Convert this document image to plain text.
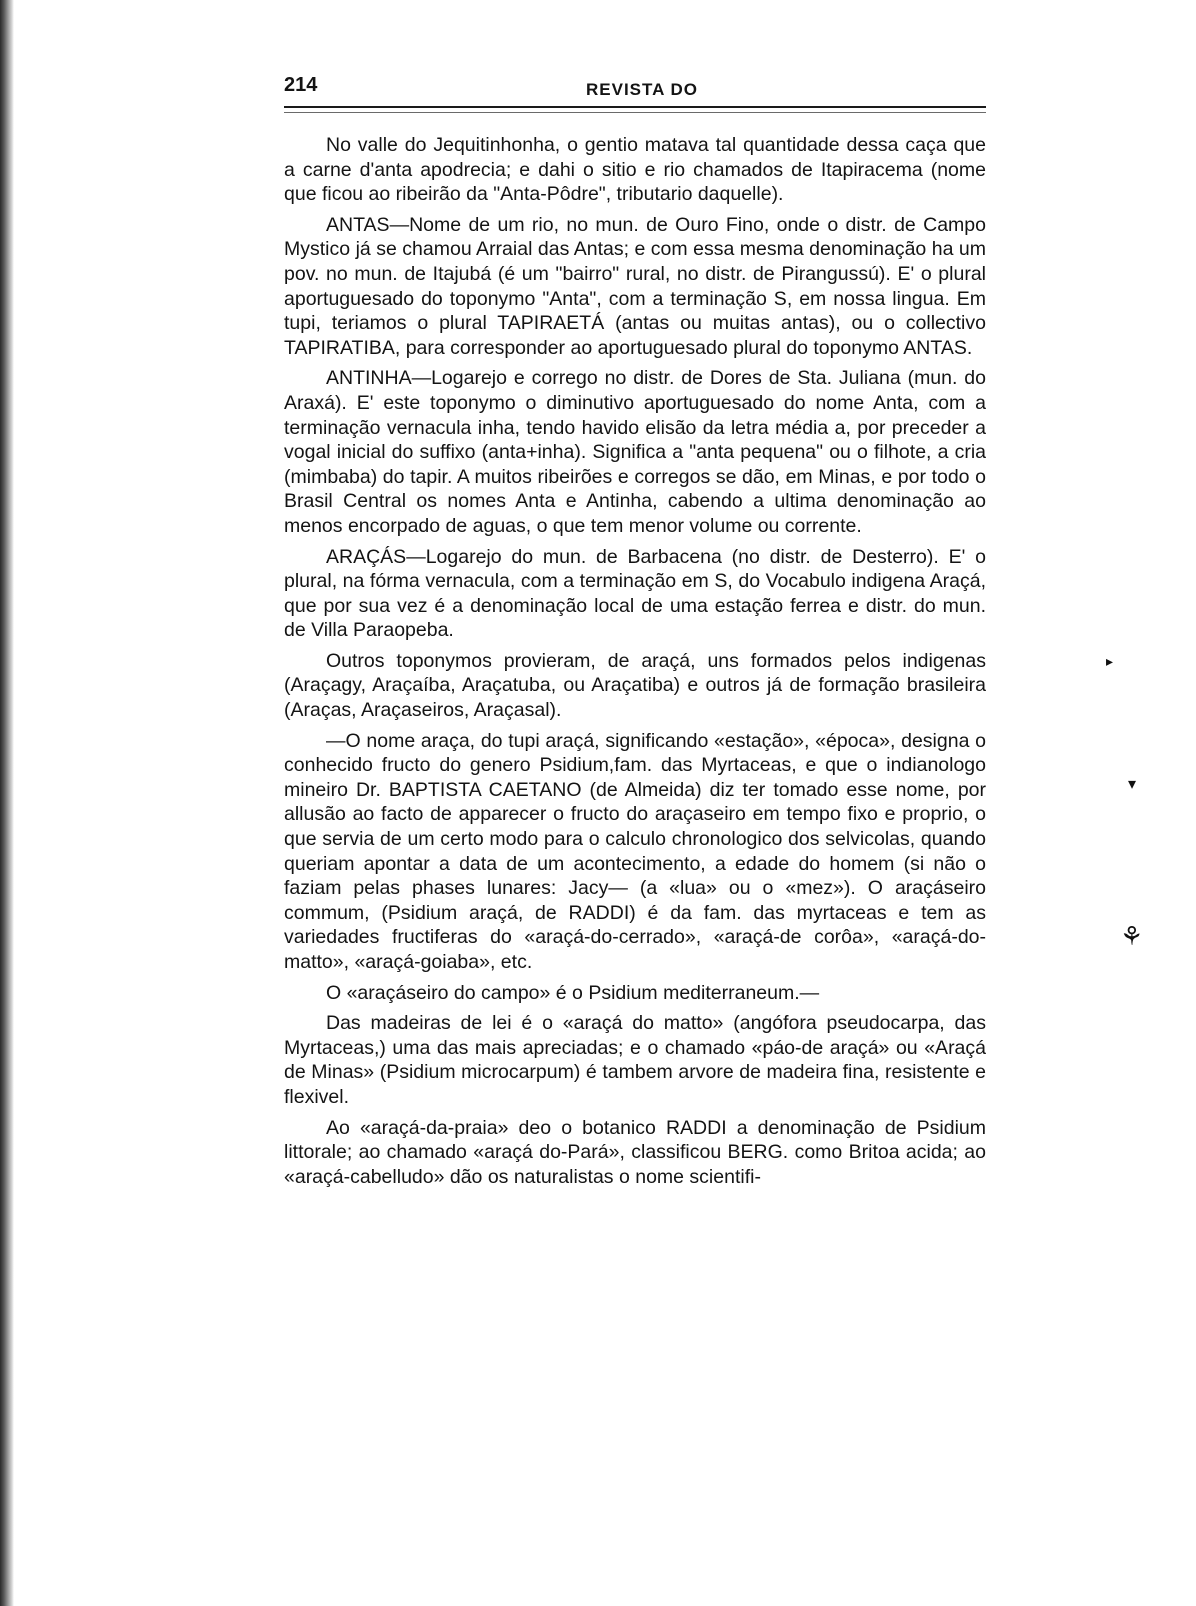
214	REVISTA DO

No valle do Jequitinhonha, o gentio matava tal quantidade dessa caça que a carne d'anta apodrecia; e dahi o sitio e rio chamados de Itapiracema (nome que ficou ao ribeirão da "Anta-Pôdre", tributario daquelle).

ANTAS—Nome de um rio, no mun. de Ouro Fino, onde o distr. de Campo Mystico já se chamou Arraial das Antas; e com essa mesma denominação ha um pov. no mun. de Itajubá (é um "bairro" rural, no distr. de Pirangussú). E' o plural aportuguesado do toponymo "Anta", com a terminação S, em nossa lingua. Em tupi, teriamos o plural TAPIRAETÁ (antas ou muitas antas), ou o collectivo TAPIRATIBA, para corresponder ao aportuguesado plural do toponymo ANTAS.

ANTINHA—Logarejo e corrego no distr. de Dores de Sta. Juliana (mun. do Araxá). E' este toponymo o diminutivo aportuguesado do nome Anta, com a terminação vernacula inha, tendo havido elisão da letra média a, por preceder a vogal inicial do suffixo (anta+inha). Significa a "anta pequena" ou o filhote, a cria (mimbaba) do tapir. A muitos ribeirões e corregos se dão, em Minas, e por todo o Brasil Central os nomes Anta e Antinha, cabendo a ultima denominação ao menos encorpado de aguas, o que tem menor volume ou corrente.

ARAÇÁS—Logarejo do mun. de Barbacena (no distr. de Desterro). E' o plural, na fórma vernacula, com a terminação em S, do Vocabulo indigena Araçá, que por sua vez é a denominação local de uma estação ferrea e distr. do mun. de Villa Paraopeba.

Outros toponymos provieram, de araçá, uns formados pelos indigenas (Araçagy, Araçaíba, Araçatuba, ou Araçatiba) e outros já de formação brasileira (Araças, Araçaseiros, Araçasal).

—O nome araça, do tupi araçá, significando «estação», «época», designa o conhecido fructo do genero Psidium,fam. das Myrtaceas, e que o indianologo mineiro Dr. BAPTISTA CAETANO (de Almeida) diz ter tomado esse nome, por allusão ao facto de apparecer o fructo do araçaseiro em tempo fixo e proprio, o que servia de um certo modo para o calculo chronologico dos selvicolas, quando queriam apontar a data de um acontecimento, a edade do homem (si não o faziam pelas phases lunares: Jacy— (a «lua» ou o «mez»). O araçáseiro commum, (Psidium araçá, de RADDI) é da fam. das myrtaceas e tem as variedades fructiferas do «araçá-do-cerrado», «araçá-de corôa», «araçá-do-matto», «araçá-goiaba», etc.

O «araçáseiro do campo» é o Psidium mediterraneum.—

Das madeiras de lei é o «araçá do matto» (angófora pseudocarpa, das Myrtaceas,) uma das mais apreciadas; e o chamado «páo-de araçá» ou «Araçá de Minas» (Psidium microcarpum) é tambem arvore de madeira fina, resistente e flexivel.

Ao «araçá-da-praia» deo o botanico RADDI a denominação de Psidium littorale; ao chamado «araçá do-Pará», classificou BERG. como Britoa acida; ao «araçá-cabelludo» dão os naturalistas o nome scientifi-

▸
▾
⚘
